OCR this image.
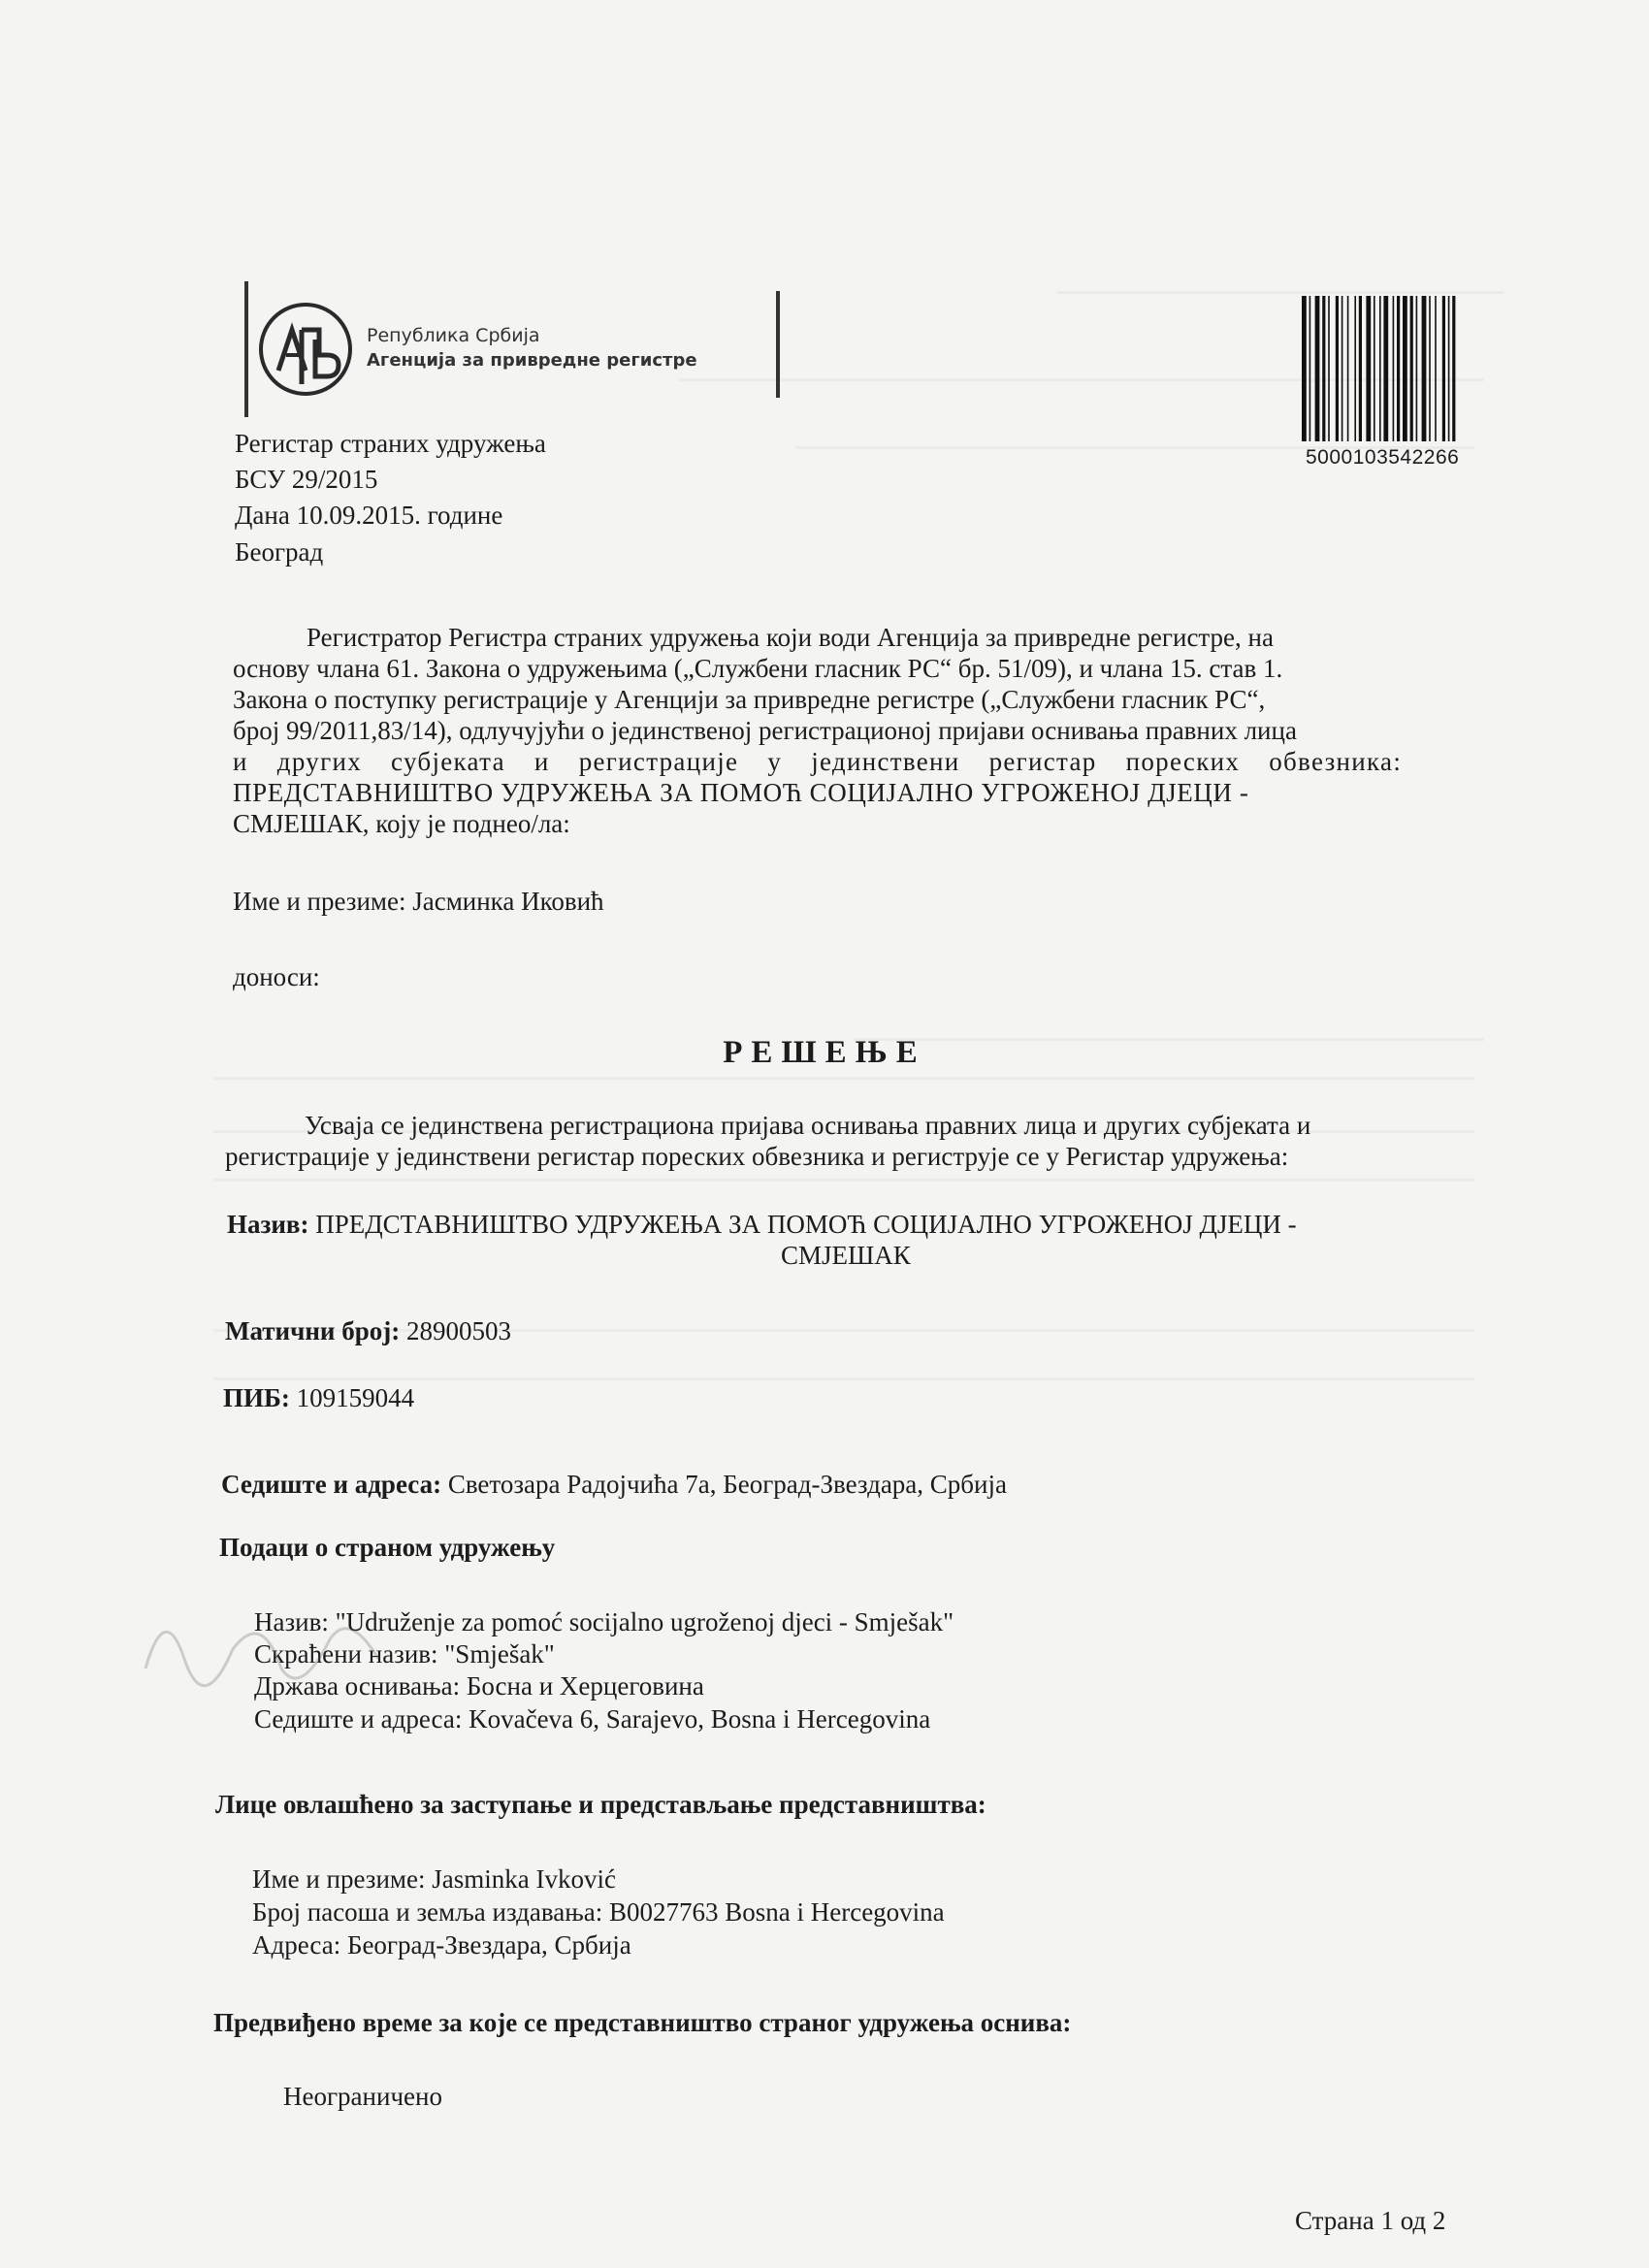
Република Србија
Агенција за привредне регистре
5000103542266
Регистар страних удружења
БСУ 29/2015
Дана 10.09.2015. године
Београд
Регистратор Регистра страних удружења који води Агенција за привредне регистре, на
основу члана 61. Закона о удружењима („Службени гласник РС“ бр. 51/09), и члана 15. став 1.
Закона о поступку регистрације у Агенцији за привредне регистре („Службени гласник РС“,
број 99/2011,83/14), одлучујући о јединственој регистрационој пријави оснивања правних лица
и других субјеката и регистрације у јединствени регистар пореских обвезника:
ПРЕДСТАВНИШТВО УДРУЖЕЊА ЗА ПОМОЋ СОЦИЈАЛНО УГРОЖЕНОЈ ДЈЕЦИ -
СМЈЕШАК, коју је поднео/ла:
Име и презиме: Јасминка Иковић
доноси:
РЕШЕЊЕ
Усваја се јединствена регистрациона пријава оснивања правних лица и других субјеката и
регистрације у јединствени регистар пореских обвезника и региструје се у Регистар удружења:
Назив: ПРЕДСТАВНИШТВО УДРУЖЕЊА ЗА ПОМОЋ СОЦИЈАЛНО УГРОЖЕНОЈ ДЈЕЦИ -
СМЈЕШАК
Матични број: 28900503
ПИБ: 109159044
Седиште и адреса: Светозара Радојчића 7а, Београд-Звездара, Србија
Подаци о страном удружењу
Назив: "Udruženje za pomoć socijalno ugroženoj djeci - Smješak"
Скраћени назив: "Smješak"
Држава оснивања: Босна и Херцеговина
Седиште и адреса: Kovačeva 6, Sarajevo, Bosna i Hercegovina
Лице овлашћено за заступање и представљање представништва:
Име и презиме: Jasminka Ivković
Број пасоша и земља издавања: B0027763 Bosna i Hercegovina
Адреса: Београд-Звездара, Србија
Предвиђено време за које се представништво страног удружења оснива:
Неограничено
Страна 1 од 2
